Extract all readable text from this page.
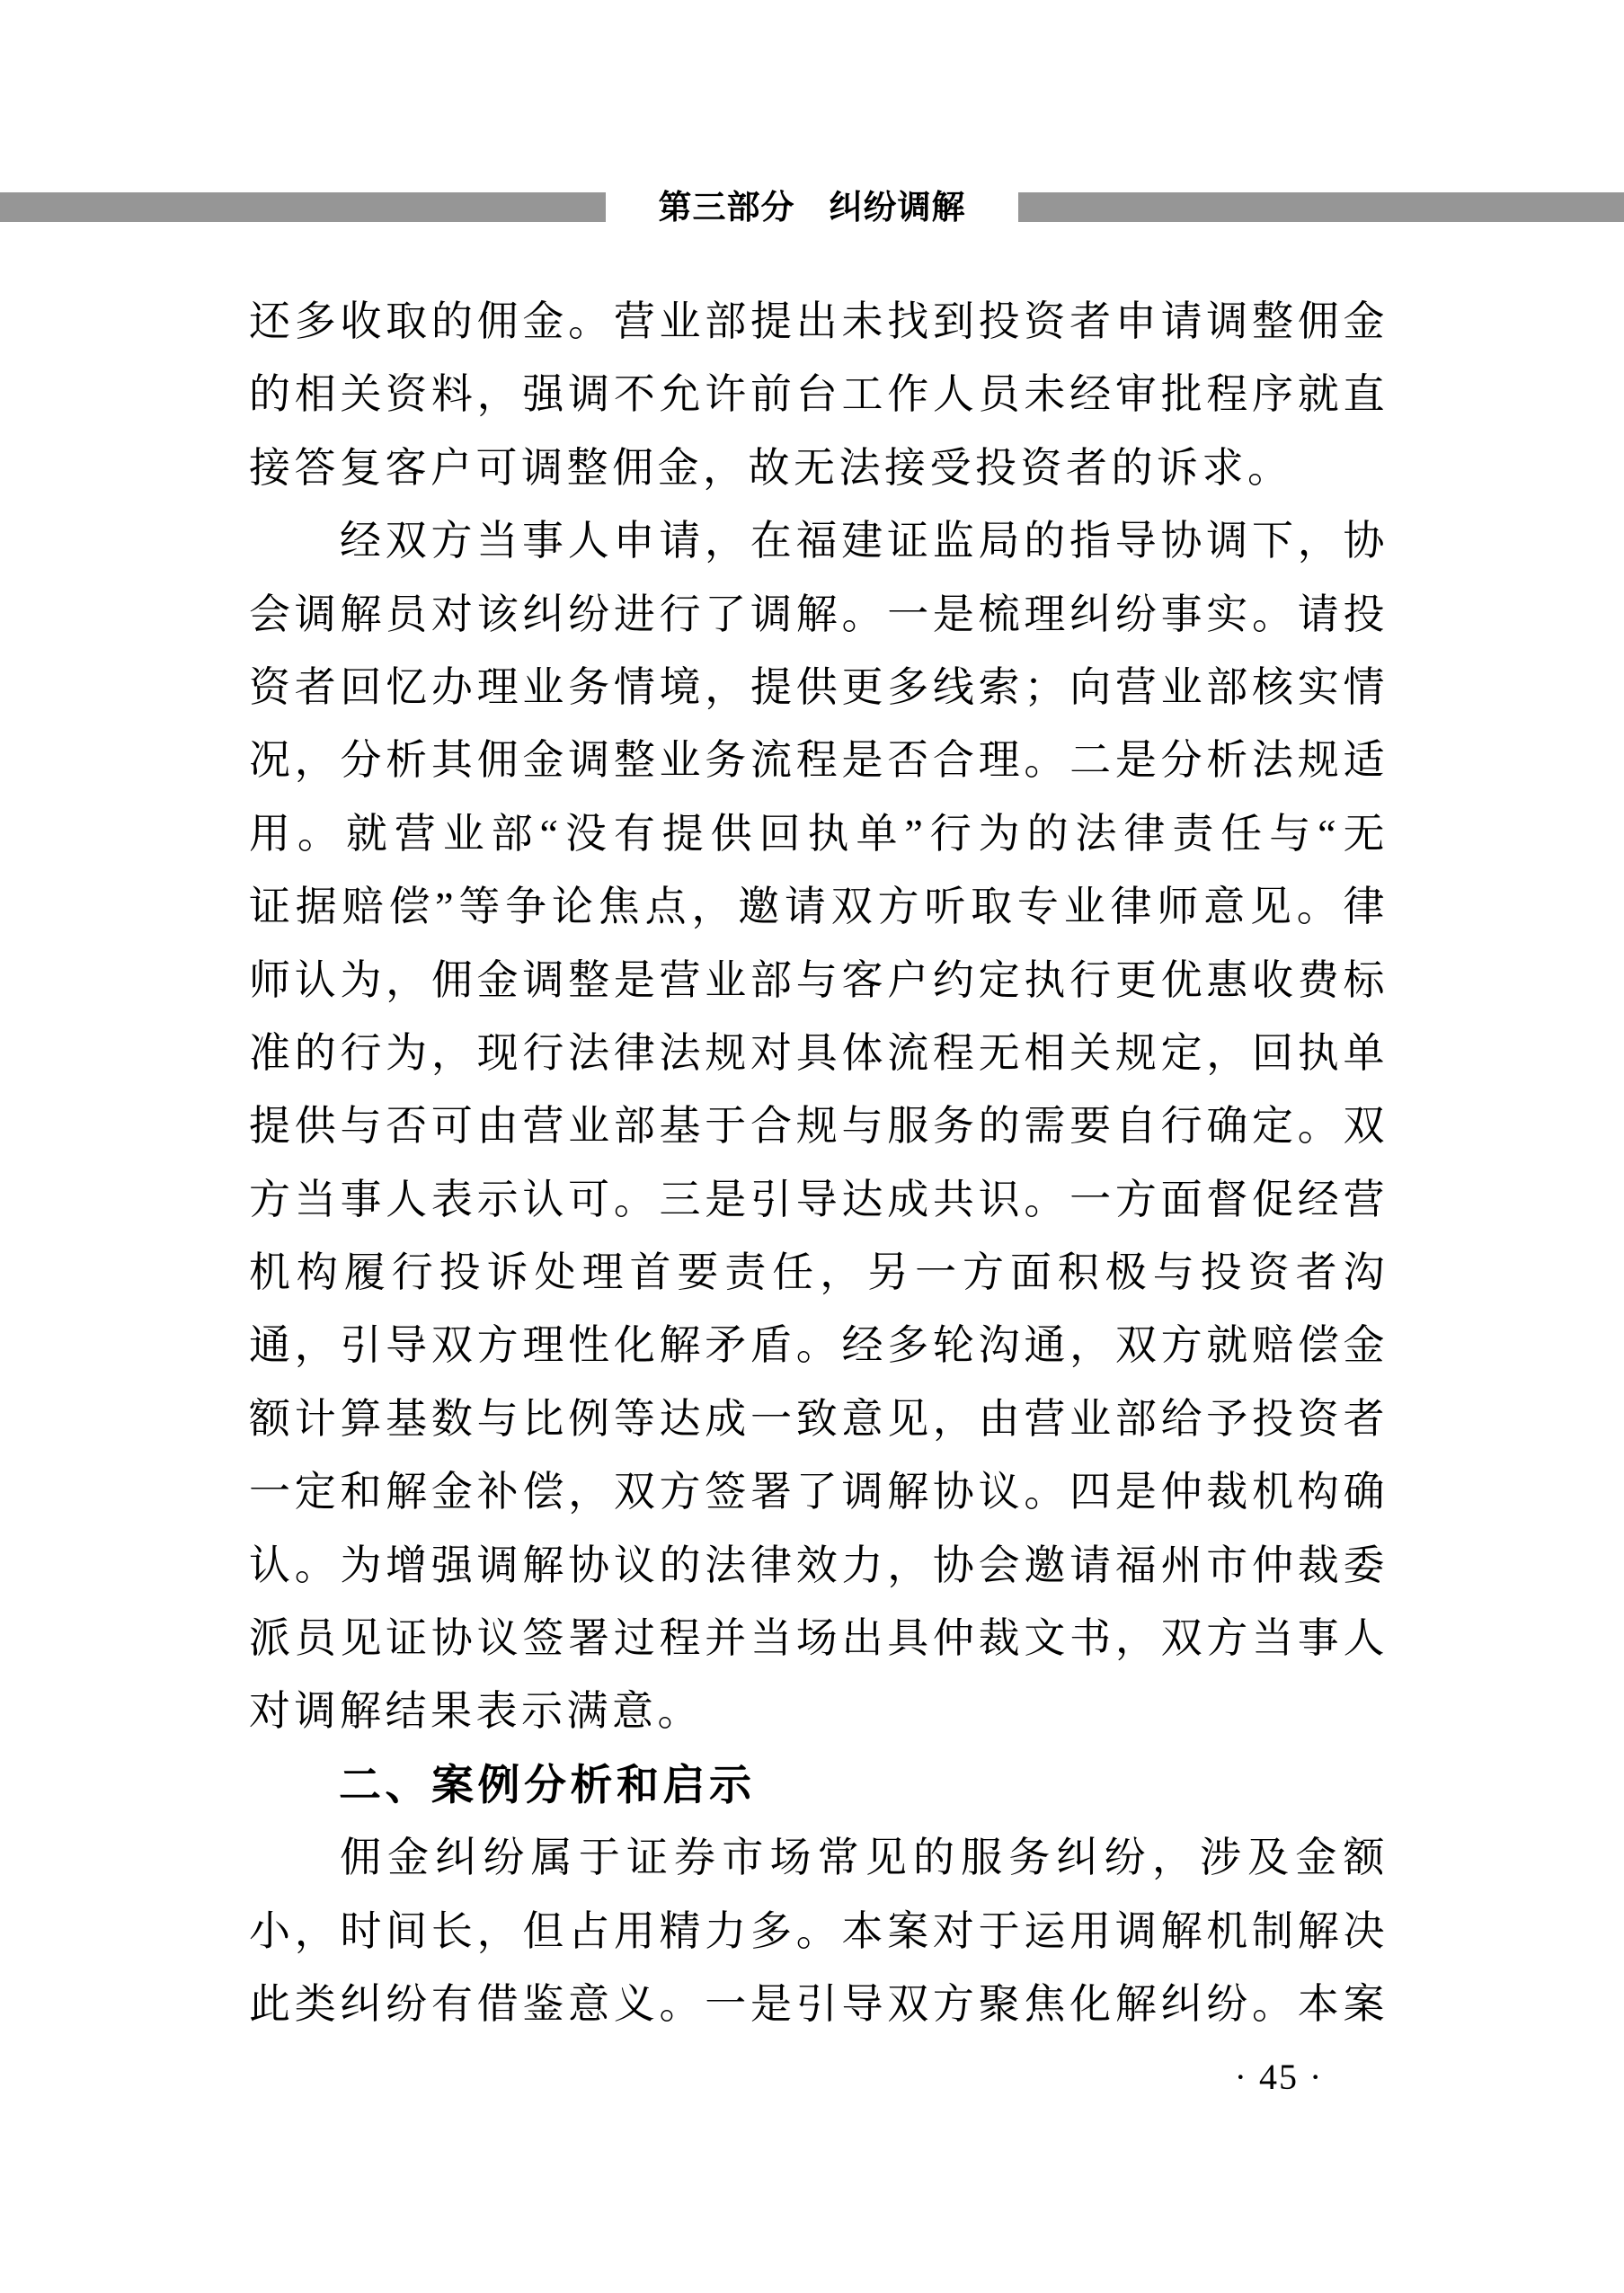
第三部分　纠纷调解
还多收取的佣金。营业部提出未找到投资者申请调整佣金
的相关资料，强调不允许前台工作人员未经审批程序就直
接答复客户可调整佣金，故无法接受投资者的诉求。
经双方当事人申请，在福建证监局的指导协调下，协
会调解员对该纠纷进行了调解。一是梳理纠纷事实。请投
资者回忆办理业务情境，提供更多线索；向营业部核实情
况，分析其佣金调整业务流程是否合理。二是分析法规适
用。就营业部“没有提供回执单”行为的法律责任与“无
证据赔偿”等争论焦点，邀请双方听取专业律师意见。律
师认为，佣金调整是营业部与客户约定执行更优惠收费标
准的行为，现行法律法规对具体流程无相关规定，回执单
提供与否可由营业部基于合规与服务的需要自行确定。双
方当事人表示认可。三是引导达成共识。一方面督促经营
机构履行投诉处理首要责任，另一方面积极与投资者沟
通，引导双方理性化解矛盾。经多轮沟通，双方就赔偿金
额计算基数与比例等达成一致意见，由营业部给予投资者
一定和解金补偿，双方签署了调解协议。四是仲裁机构确
认。为增强调解协议的法律效力，协会邀请福州市仲裁委
派员见证协议签署过程并当场出具仲裁文书，双方当事人
对调解结果表示满意。
二、案例分析和启示
佣金纠纷属于证券市场常见的服务纠纷，涉及金额
小，时间长，但占用精力多。本案对于运用调解机制解决
此类纠纷有借鉴意义。一是引导双方聚焦化解纠纷。本案
· 45 ·
